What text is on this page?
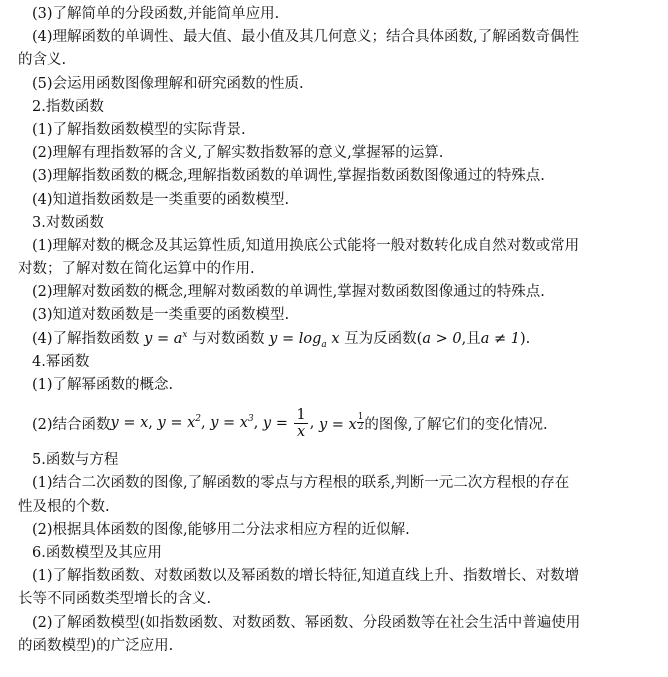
(3)了解简单的分段函数,并能简单应用.
(4)理解函数的单调性、最大值、最小值及其几何意义；结合具体函数,了解函数奇偶性
的含义.
(5)会运用函数图像理解和研究函数的性质.
2.指数函数
(1)了解指数函数模型的实际背景.
(2)理解有理指数幂的含义,了解实数指数幂的意义,掌握幂的运算.
(3)理解指数函数的概念,理解指数函数的单调性,掌握指数函数图像通过的特殊点.
(4)知道指数函数是一类重要的函数模型.
3.对数函数
(1)理解对数的概念及其运算性质,知道用换底公式能将一般对数转化成自然对数或常用
对数；了解对数在简化运算中的作用.
(2)理解对数函数的概念,理解对数函数的单调性,掌握对数函数图像通过的特殊点.
(3)知道对数函数是一类重要的函数模型.
(4)了解指数函数 $y = a^x$ 与对数函数 $y = \log_a x$ 互为反函数(a > 0,且a ≠ 1).
4.幂函数
(1)了解幂函数的概念.
(2)结合函数 y = x , $y = x^2$ , $y = x^3$ , $y = \frac{1}{x}$ , y = x $\frac{1}{2}$ 的图像,了解它们的变化情况.
5.函数与方程
(1)结合二次函数的图像,了解函数的零点与方程根的联系,判断一元二次方程根的存在
性及根的个数.
(2)根据具体函数的图像,能够用二分法求相应方程的近似解.
6.函数模型及其应用
(1)了解指数函数、对数函数以及幂函数的增长特征,知道直线上升、指数增长、对数增
长等不同函数类型增长的含义.
(2)了解函数模型(如指数函数、对数函数、幂函数、分段函数等在社会生活中普遍使用
的函数模型)的广泛应用.
